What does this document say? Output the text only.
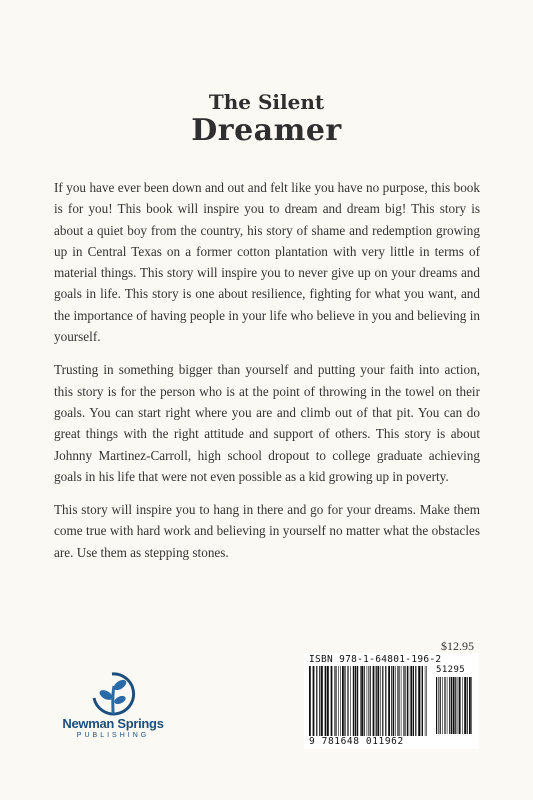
The Silent
Dreamer

If you have ever been down and out and felt like you have no purpose, this book is for you! This book will inspire you to dream and dream big! This story is about a quiet boy from the country, his story of shame and redemption growing up in Central Texas on a former cotton plantation with very little in terms of material things. This story will inspire you to never give up on your dreams and goals in life. This story is one about resilience, fighting for what you want, and the importance of having people in your life who believe in you and believing in yourself.

Trusting in something bigger than yourself and putting your faith into action, this story is for the person who is at the point of throwing in the towel on their goals. You can start right where you are and climb out of that pit. You can do great things with the right attitude and support of others. This story is about Johnny Martinez-Carroll, high school dropout to college graduate achieving goals in his life that were not even possible as a kid growing up in poverty.

This story will inspire you to hang in there and go for your dreams. Make them come true with hard work and believing in yourself no matter what the obstacles are. Use them as stepping stones.

$12.95
ISBN 978-1-64801-196-2
51295
9 781648 011962
Newman Springs
PUBLISHING
